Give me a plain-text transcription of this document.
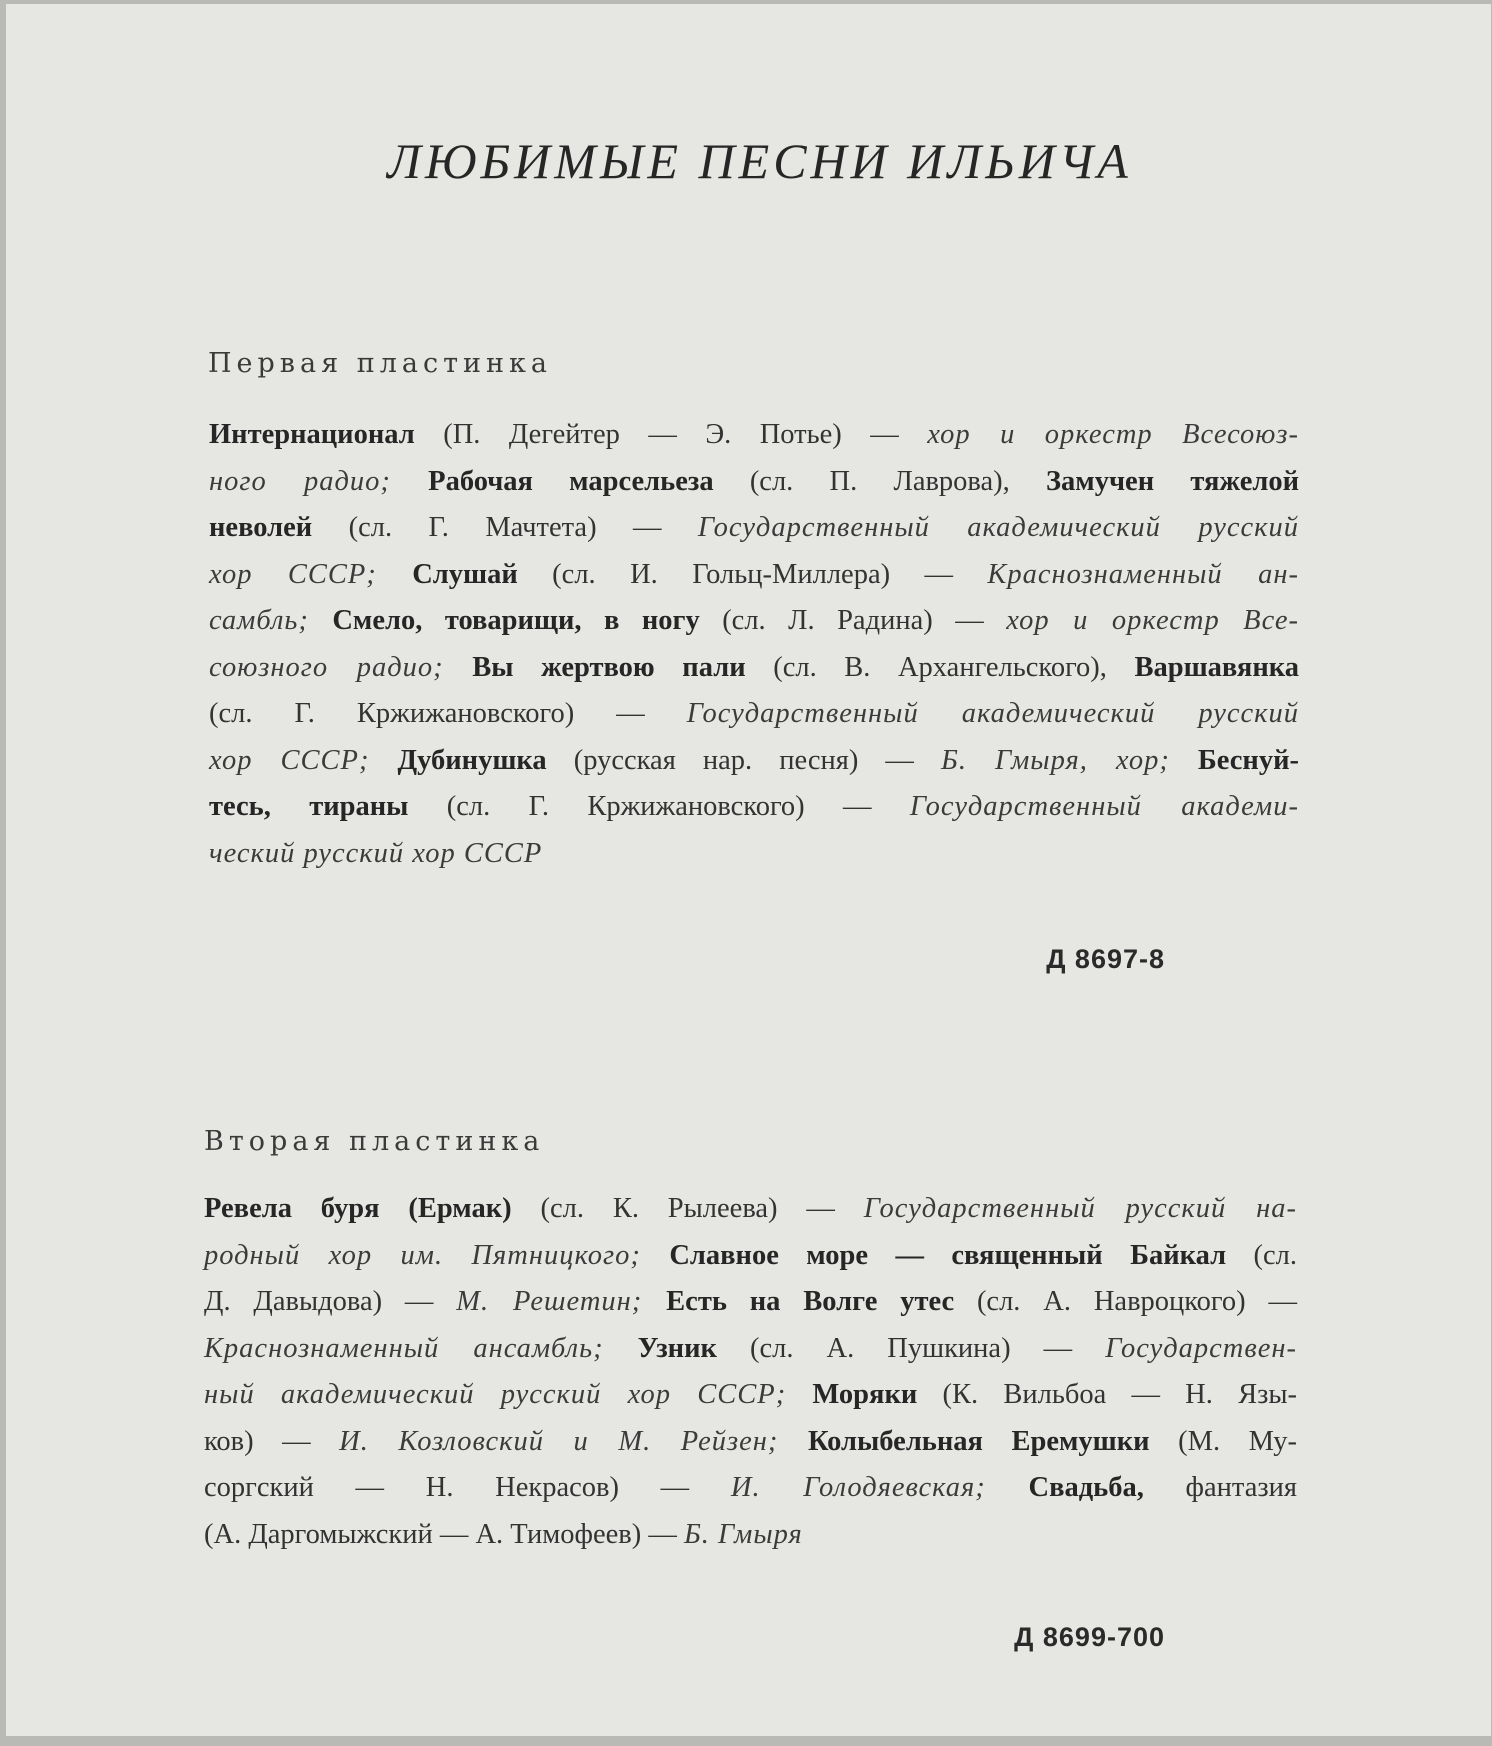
ЛЮБИМЫЕ ПЕСНИ ИЛЬИЧА
Первая пластинка
Интернационал (П. Дегейтер — Э. Потье) — хор и оркестр Всесоюз-
ного радио; Рабочая марсельеза (сл. П. Лаврова), Замучен тяжелой
неволей (сл. Г. Мачтета) — Государственный академический русский
хор СССР; Слушай (сл. И. Гольц-Миллера) — Краснознаменный ан-
самбль; Смело, товарищи, в ногу (сл. Л. Радина) — хор и оркестр Все-
союзного радио; Вы жертвою пали (сл. В. Архангельского), Варшавянка
(сл. Г. Кржижановского) — Государственный академический русский
хор СССР; Дубинушка (русская нар. песня) — Б. Гмыря, хор; Беснуй-
тесь, тираны (сл. Г. Кржижановского) — Государственный академи-
ческий русский хор СССР
Д 8697-8
Вторая пластинка
Ревела буря (Ермак) (сл. К. Рылеева) — Государственный русский на-
родный хор им. Пятницкого; Славное море — священный Байкал (сл.
Д. Давыдова) — М. Решетин; Есть на Волге утес (сл. А. Навроцкого) —
Краснознаменный ансамбль; Узник (сл. А. Пушкина) — Государствен-
ный академический русский хор СССР; Моряки (К. Вильбоа — Н. Язы-
ков) — И. Козловский и М. Рейзен; Колыбельная Еремушки (М. Му-
соргский — Н. Некрасов) — И. Голодяевская; Свадьба, фантазия
(А. Даргомыжский — А. Тимофеев) — Б. Гмыря
Д 8699-700
